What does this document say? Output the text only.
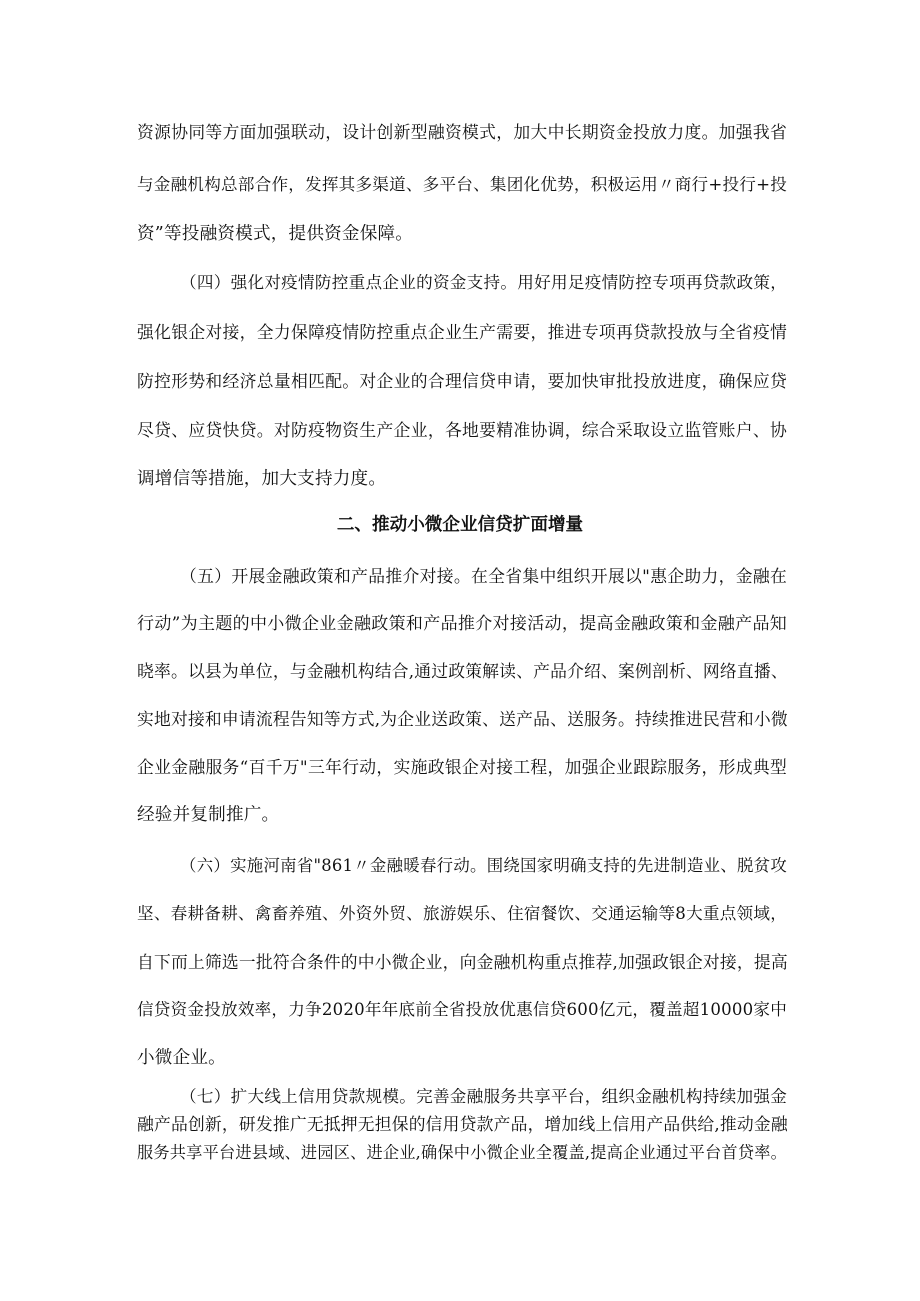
资源协同等方面加强联动，设计创新型融资模式，加大中长期资金投放力度。加强我省
与金融机构总部合作，发挥其多渠道、多平台、集团化优势，积极运用〃商行+投行+投
资”等投融资模式，提供资金保障。
（四）强化对疫情防控重点企业的资金支持。用好用足疫情防控专项再贷款政策，
强化银企对接，全力保障疫情防控重点企业生产需要，推进专项再贷款投放与全省疫情
防控形势和经济总量相匹配。对企业的合理信贷申请，要加快审批投放进度，确保应贷
尽贷、应贷快贷。对防疫物资生产企业，各地要精准协调，综合采取设立监管账户、协
调增信等措施，加大支持力度。
二、推动小微企业信贷扩面增量
（五）开展金融政策和产品推介对接。在全省集中组织开展以"惠企助力，金融在
行动”为主题的中小微企业金融政策和产品推介对接活动，提高金融政策和金融产品知
晓率。以县为单位，与金融机构结合,通过政策解读、产品介绍、案例剖析、网络直播、
实地对接和申请流程告知等方式,为企业送政策、送产品、送服务。持续推进民营和小微
企业金融服务“百千万"三年行动，实施政银企对接工程，加强企业跟踪服务，形成典型
经验并复制推广。
（六）实施河南省"861〃金融暖春行动。围绕国家明确支持的先进制造业、脱贫攻
坚、春耕备耕、禽畜养殖、外资外贸、旅游娱乐、住宿餐饮、交通运输等8大重点领域，
自下而上筛选一批符合条件的中小微企业，向金融机构重点推荐,加强政银企对接，提高
信贷资金投放效率，力争2020年年底前全省投放优惠信贷600亿元，覆盖超10000家中
小微企业。
（七）扩大线上信用贷款规模。完善金融服务共享平台，组织金融机构持续加强金
融产品创新，研发推广无抵押无担保的信用贷款产品，增加线上信用产品供给,推动金融
服务共享平台进县域、进园区、进企业,确保中小微企业全覆盖,提高企业通过平台首贷率。
